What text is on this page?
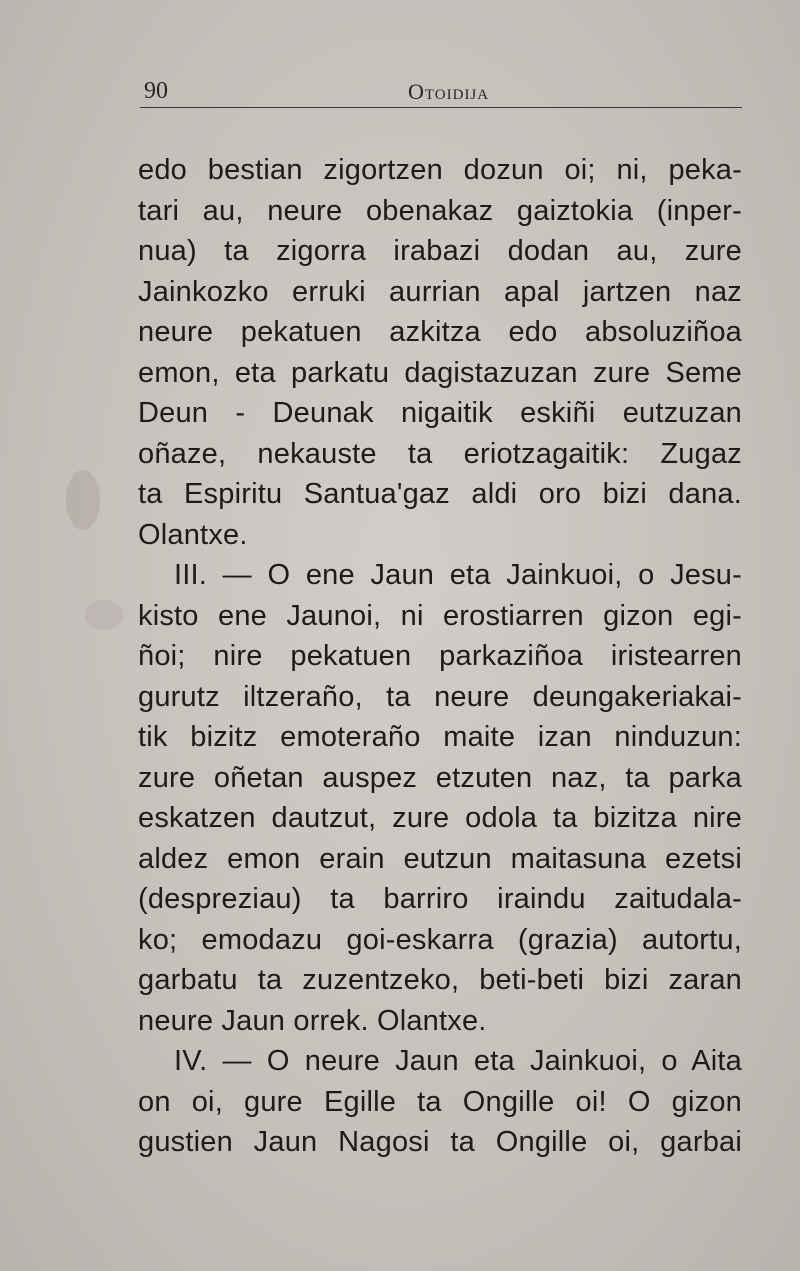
90	Otoidija
edo bestian zigortzen dozun oi; ni, peka-
tari au, neure obenakaz gaiztokia (inper-
nua) ta zigorra irabazi dodan au, zure
Jainkozko erruki aurrian apal jartzen naz
neure pekatuen azkitza edo absoluziñoa
emon, eta parkatu dagistazuzan zure Seme
Deun - Deunak nigaitik eskiñi eutzuzan
oñaze, nekauste ta eriotzagaitik: Zugaz
ta Espiritu Santua'gaz aldi oro bizi dana.
Olantxe.
III. — O ene Jaun eta Jainkuoi, o Jesu-
kisto ene Jaunoi, ni erostiarren gizon egi-
ñoi; nire pekatuen parkaziñoa iristearren
gurutz iltzeraño, ta neure deungakeriakai-
tik bizitz emoteraño maite izan ninduzun:
zure oñetan auspez etzuten naz, ta parka
eskatzen dautzut, zure odola ta bizitza nire
aldez emon erain eutzun maitasuna ezetsi
(despreziau) ta barriro iraindu zaitudala-
ko; emodazu goi-eskarra (grazia) autortu,
garbatu ta zuzentzeko, beti-beti bizi zaran
neure Jaun orrek. Olantxe.
IV. — O neure Jaun eta Jainkuoi, o Aita
on oi, gure Egille ta Ongille oi! O gizon
gustien Jaun Nagosi ta Ongille oi, garbai
